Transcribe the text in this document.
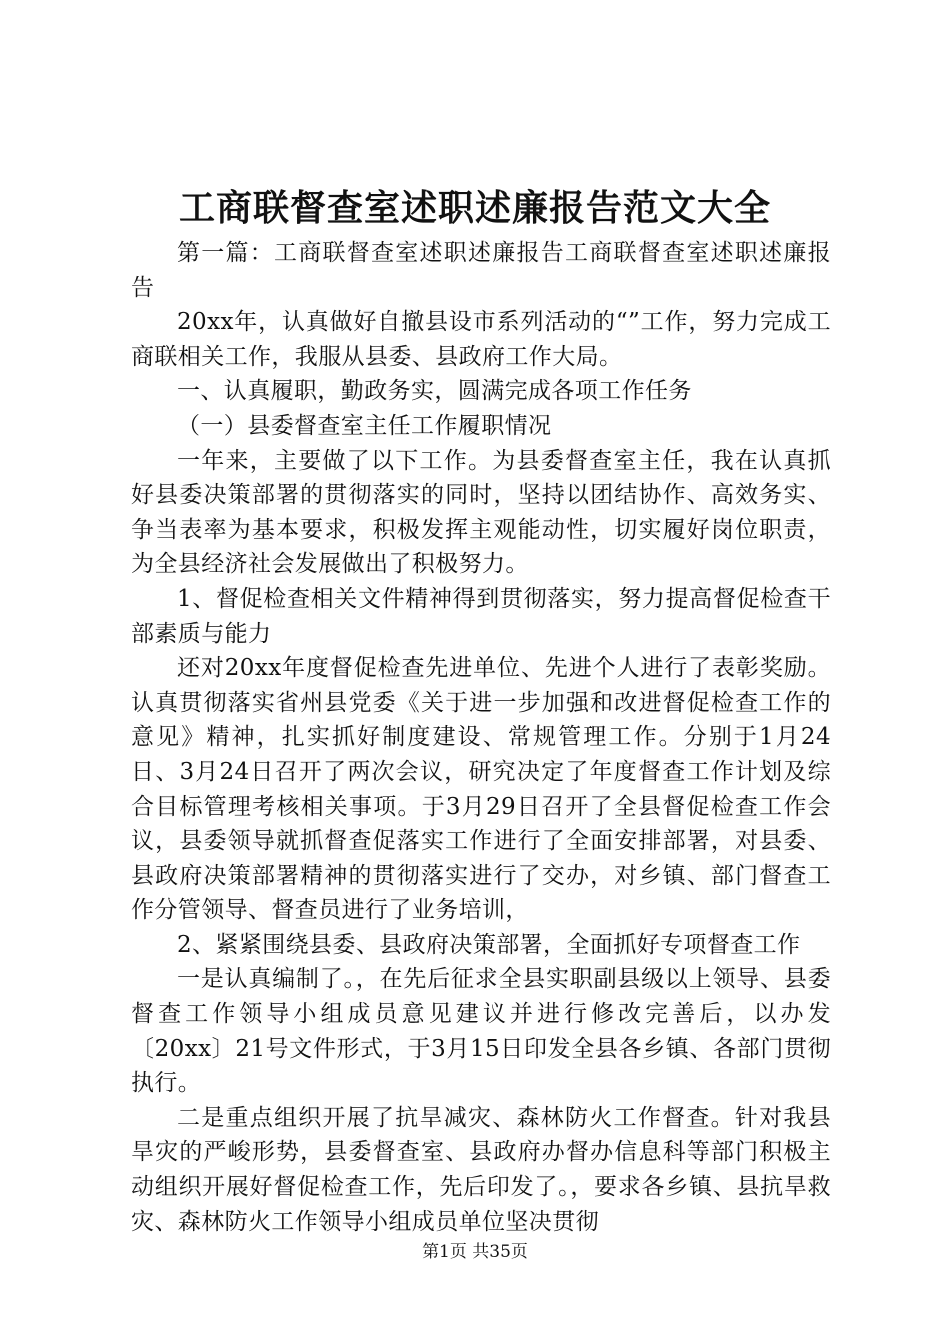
工商联督查室述职述廉报告范文大全

第一篇：工商联督查室述职述廉报告工商联督查室述职述廉报告

20xx年，认真做好自撤县设市系列活动的“”工作，努力完成工商联相关工作，我服从县委、县政府工作大局。

一、认真履职，勤政务实，圆满完成各项工作任务

（一）县委督查室主任工作履职情况

一年来，主要做了以下工作。为县委督查室主任，我在认真抓好县委决策部署的贯彻落实的同时，坚持以团结协作、高效务实、争当表率为基本要求，积极发挥主观能动性，切实履好岗位职责，为全县经济社会发展做出了积极努力。

1、督促检查相关文件精神得到贯彻落实，努力提高督促检查干部素质与能力

还对20xx年度督促检查先进单位、先进个人进行了表彰奖励。认真贯彻落实省州县党委《关于进一步加强和改进督促检查工作的意见》精神，扎实抓好制度建设、常规管理工作。分别于1月24日、3月24日召开了两次会议，研究决定了年度督查工作计划及综合目标管理考核相关事项。于3月29日召开了全县督促检查工作会议，县委领导就抓督查促落实工作进行了全面安排部署，对县委、县政府决策部署精神的贯彻落实进行了交办，对乡镇、部门督查工作分管领导、督查员进行了业务培训，

2、紧紧围绕县委、县政府决策部署，全面抓好专项督查工作

一是认真编制了。，在先后征求全县实职副县级以上领导、县委督查工作领导小组成员意见建议并进行修改完善后，以办发〔20xx〕21号文件形式，于3月15日印发全县各乡镇、各部门贯彻执行。

二是重点组织开展了抗旱减灾、森林防火工作督查。针对我县旱灾的严峻形势，县委督查室、县政府办督办信息科等部门积极主动组织开展好督促检查工作，先后印发了。，要求各乡镇、县抗旱救灾、森林防火工作领导小组成员单位坚决贯彻

第1页 共35页
